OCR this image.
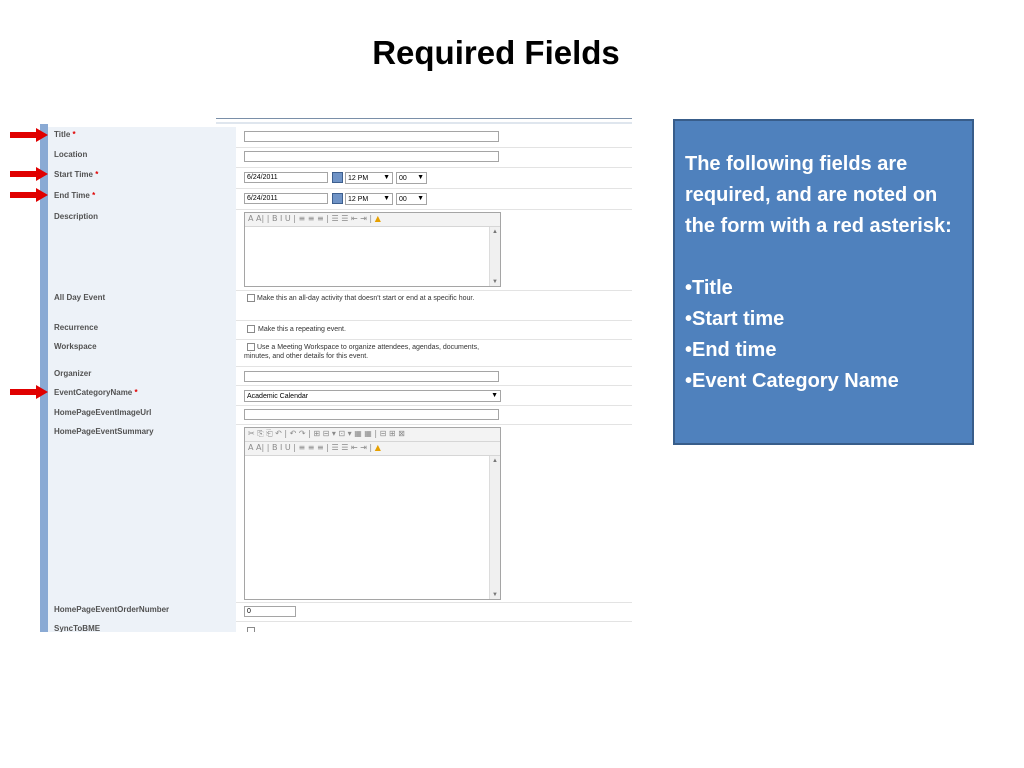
Required Fields
Title *
Location
Start Time *	6/24/2011	12 PM ▼	00 ▼
End Time *	6/24/2011	12 PM ▼	00 ▼
Description	A A| | B I U | ≡ ≡ ≡ | ☰ ☰ ⇤ ⇥ | ▲
▲
▼
All Day Event	Make this an all-day activity that doesn't start or end at a specific hour.
Recurrence	Make this a repeating event.
Workspace	Use a Meeting Workspace to organize attendees, agendas, documents, minutes, and other details for this event.
Organizer
EventCategoryName *	Academic Calendar	▼
HomePageEventImageUrl
HomePageEventSummary	✂ ⎘ ⎗ ↶ | ↶ ↷ | ⊞ ⊟ ▾ ⊡ ▾ ▦ ▦ | ⊟ ⊞ ⊠
A A| | B I U | ≡ ≡ ≡ | ☰ ☰ ⇤ ⇥ | ▲
▲
▼
HomePageEventOrderNumber	0
SyncToBME

The following fields are required, and are noted on the form with a red asterisk:

•Title
•Start time
•End time
•Event Category Name
